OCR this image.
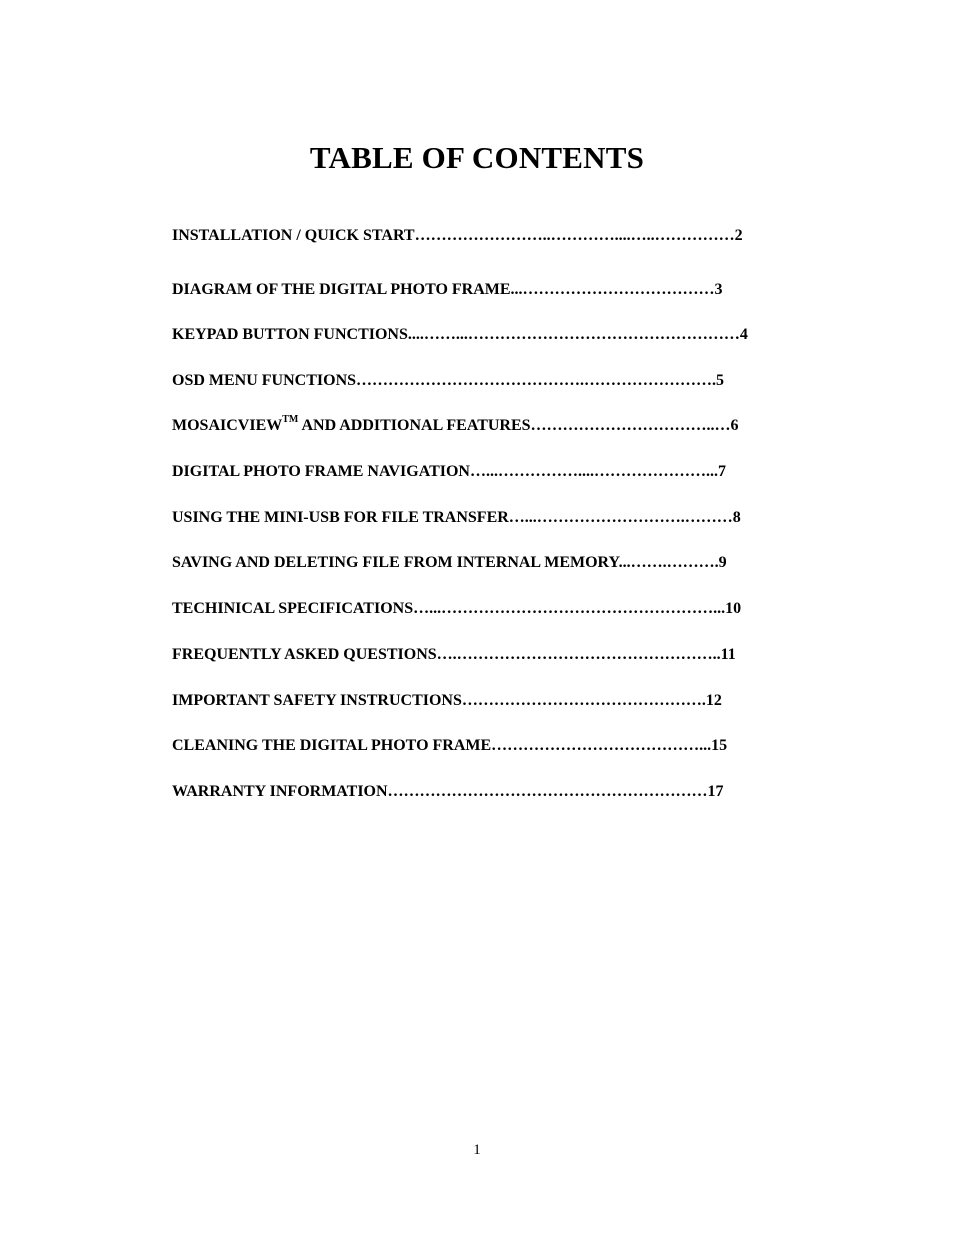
TABLE OF CONTENTS
INSTALLATION / QUICK START……………………..…………....…..……………2
DIAGRAM OF THE DIGITAL PHOTO FRAME...………………………………3
KEYPAD BUTTON FUNCTIONS....……...……………………………………………4
OSD MENU FUNCTIONS…………………………………….…………………….5
MOSAICVIEW™ AND ADDITIONAL FEATURES……………………………..…6
DIGITAL PHOTO FRAME NAVIGATION…...……………....…………………...7
USING THE MINI-USB FOR FILE TRANSFER…...……………………….………8
SAVING AND DELETING FILE FROM INTERNAL MEMORY...…….……….9
TECHINICAL SPECIFICATIONS…...……………………………………………...10
FREQUENTLY ASKED QUESTIONS….…………………………………………..11
IMPORTANT SAFETY INSTRUCTIONS……………………………………….12
CLEANING THE DIGITAL PHOTO FRAME…………………………………...15
WARRANTY INFORMATION……………………………………………………17
1
